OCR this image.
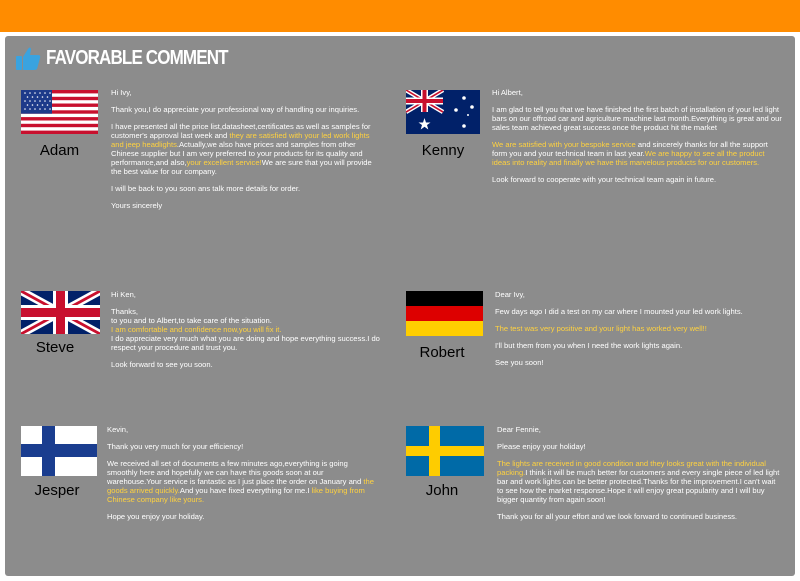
FAVORABLE COMMENT
Adam

Hi Ivy,

Thank you,I do appreciate your professional way of handling our inquiries.

I have presented all the price list,datasheet,certificates as well as samples for customer's approval last week and they are satisfied with your led work lights and jeep headlights.Actually,we also have prices and samples from other Chinese supplier but I am very preferred to your products for its quality and performance,and also,your excellent service!We are sure that you will provide the best value for our company.

I will be back to you soon ans talk more details for order.

Yours sincerely

Kenny

Hi Albert,

I am glad to tell you that we have finished the first batch of installation of your led light bars on our offroad car and agriculture machine last month.Everything is great and our sales team achieved great success once the product hit the market

We are satisfied with your bespoke service and sincerely thanks for all the support form you and your technical team in last year.We are happy to see all the product ideas into reality and finally we have this marvelous products for our customers.

Look forward to cooperate with your technical team again in future.

Steve

Hi Ken,

Thanks,
to you and to Albert,to take care of the situation.
I am comfortable and confidence now,you will fix it.
I do appreciate very much what you are doing and hope everything success.I do respect your procedure and trust you.

Look forward to see you soon.

Robert

Dear Ivy,

Few days ago I did a test on my car where I mounted your led work lights.

The test was very positive and your light has worked very well!!

I'll but them from you when I need the work lights again.

See you soon!

Jesper

Kevin,

Thank you very much for your efficiency!

We received all set of documents a few minutes ago,everything is going smoothly here and hopefully we can have this goods soon at our warehouse.Your service is fantastic as I just place the order on January and the goods arrived quickly.And you have fixed everything for me.I like buying from Chinese company like yours.

Hope you enjoy your holiday.

John

Dear Fennie,

Please enjoy your holiday!

The lights are received in good condition and they looks great with the individual packing.I think it will be much better for customers and every single piece of led light bar and work lights can be better protected.Thanks for the improvement.I can't wait to see how the market response.Hope it will enjoy great popularity and I will buy bigger quantity from again soon!

Thank you for all your effort and we look forward to continued business.
